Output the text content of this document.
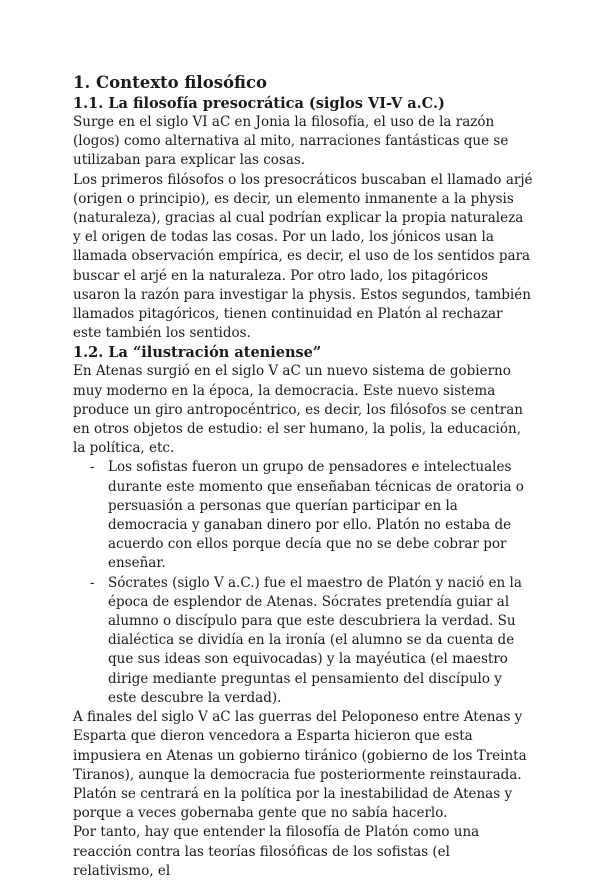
1. Contexto filosófico
1.1. La filosofía presocrática (siglos VI-V a.C.)

Surge en el siglo VI aC en Jonia la filosofía, el uso de la razón (logos) como alternativa al mito, narraciones fantásticas que se utilizaban para explicar las cosas.

Los primeros filósofos o los presocráticos buscaban el llamado arjé (origen o principio), es decir, un elemento inmanente a la physis (naturaleza), gracias al cual podrían explicar la propia naturaleza y el origen de todas las cosas. Por un lado, los jónicos usan la llamada observación empírica, es decir, el uso de los sentidos para buscar el arjé en la naturaleza. Por otro lado, los pitagóricos usaron la razón para investigar la physis. Estos segundos, también llamados pitagóricos, tienen continuidad en Platón al rechazar este también los sentidos.

1.2. La “ilustración ateniense”

En Atenas surgió en el siglo V aC un nuevo sistema de gobierno muy moderno en la época, la democracia. Este nuevo sistema produce un giro antropocéntrico, es decir, los filósofos se centran en otros objetos de estudio: el ser humano, la polis, la educación, la política, etc.

- Los sofistas fueron un grupo de pensadores e intelectuales durante este momento que enseñaban técnicas de oratoria o persuasión a personas que querían participar en la democracia y ganaban dinero por ello. Platón no estaba de acuerdo con ellos porque decía que no se debe cobrar por enseñar.
- Sócrates (siglo V a.C.) fue el maestro de Platón y nació en la época de esplendor de Atenas. Sócrates pretendía guiar al alumno o discípulo para que este descubriera la verdad. Su dialéctica se dividía en la ironía (el alumno se da cuenta de que sus ideas son equivocadas) y la mayéutica (el maestro dirige mediante preguntas el pensamiento del discípulo y este descubre la verdad).

A finales del siglo V aC las guerras del Peloponeso entre Atenas y Esparta que dieron vencedora a Esparta hicieron que esta impusiera en Atenas un gobierno tiránico (gobierno de los Treinta Tiranos), aunque la democracia fue posteriormente reinstaurada.

Platón se centrará en la política por la inestabilidad de Atenas y porque a veces gobernaba gente que no sabía hacerlo.

Por tanto, hay que entender la filosofía de Platón como una reacción contra las teorías filosóficas de los sofistas (el relativismo, el
